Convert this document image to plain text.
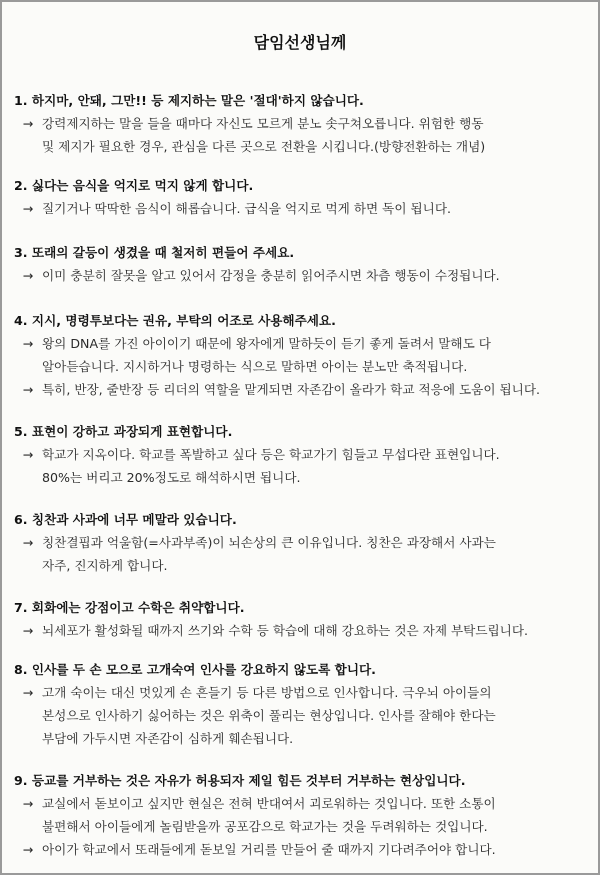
담임선생님께
1. 하지마, 안돼, 그만!! 등 제지하는 말은 '절대'하지 않습니다.
→ 강력제지하는 말을 들을 때마다 자신도 모르게 분노 솟구쳐오릅니다. 위험한 행동
및 제지가 필요한 경우, 관심을 다른 곳으로 전환을 시킵니다.(방향전환하는 개념)
2. 싫다는 음식을 억지로 먹지 않게 합니다.
→ 질기거나 딱딱한 음식이 해롭습니다. 급식을 억지로 먹게 하면 독이 됩니다.
3. 또래의 갈등이 생겼을 때 철저히 편들어 주세요.
→ 이미 충분히 잘못을 알고 있어서 감정을 충분히 읽어주시면 차츰 행동이 수정됩니다.
4. 지시, 명령투보다는 권유, 부탁의 어조로 사용해주세요.
→ 왕의 DNA를 가진 아이이기 때문에 왕자에게 말하듯이 듣기 좋게 돌려서 말해도 다
알아듣습니다. 지시하거나 명령하는 식으로 말하면 아이는 분노만 축적됩니다.
→ 특히, 반장, 줄반장 등 리더의 역할을 맡게되면 자존감이 올라가 학교 적응에 도움이 됩니다.
5. 표현이 강하고 과장되게 표현합니다.
→ 학교가 지옥이다. 학교를 폭발하고 싶다 등은 학교가기 힘들고 무섭다란 표현입니다.
80%는 버리고 20%정도로 해석하시면 됩니다.
6. 칭찬과 사과에 너무 메말라 있습니다.
→ 칭찬결핍과 억울함(=사과부족)이 뇌손상의 큰 이유입니다. 칭찬은 과장해서 사과는
자주, 진지하게 합니다.
7. 회화에는 강점이고 수학은 취약합니다.
→ 뇌세포가 활성화될 때까지 쓰기와 수학 등 학습에 대해 강요하는 것은 자제 부탁드립니다.
8. 인사를 두 손 모으로 고개숙여 인사를 강요하지 않도록 합니다.
→ 고개 숙이는 대신 멋있게 손 흔들기 등 다른 방법으로 인사합니다. 극우뇌 아이들의
본성으로 인사하기 싫어하는 것은 위축이 풀리는 현상입니다. 인사를 잘해야 한다는
부담에 가두시면 자존감이 심하게 훼손됩니다.
9. 등교를 거부하는 것은 자유가 허용되자 제일 힘든 것부터 거부하는 현상입니다.
→ 교실에서 돋보이고 싶지만 현실은 전혀 반대여서 괴로워하는 것입니다. 또한 소통이
불편해서 아이들에게 놀림받을까 공포감으로 학교가는 것을 두려워하는 것입니다.
→ 아이가 학교에서 또래들에게 돋보일 거리를 만들어 줄 때까지 기다려주어야 합니다.
